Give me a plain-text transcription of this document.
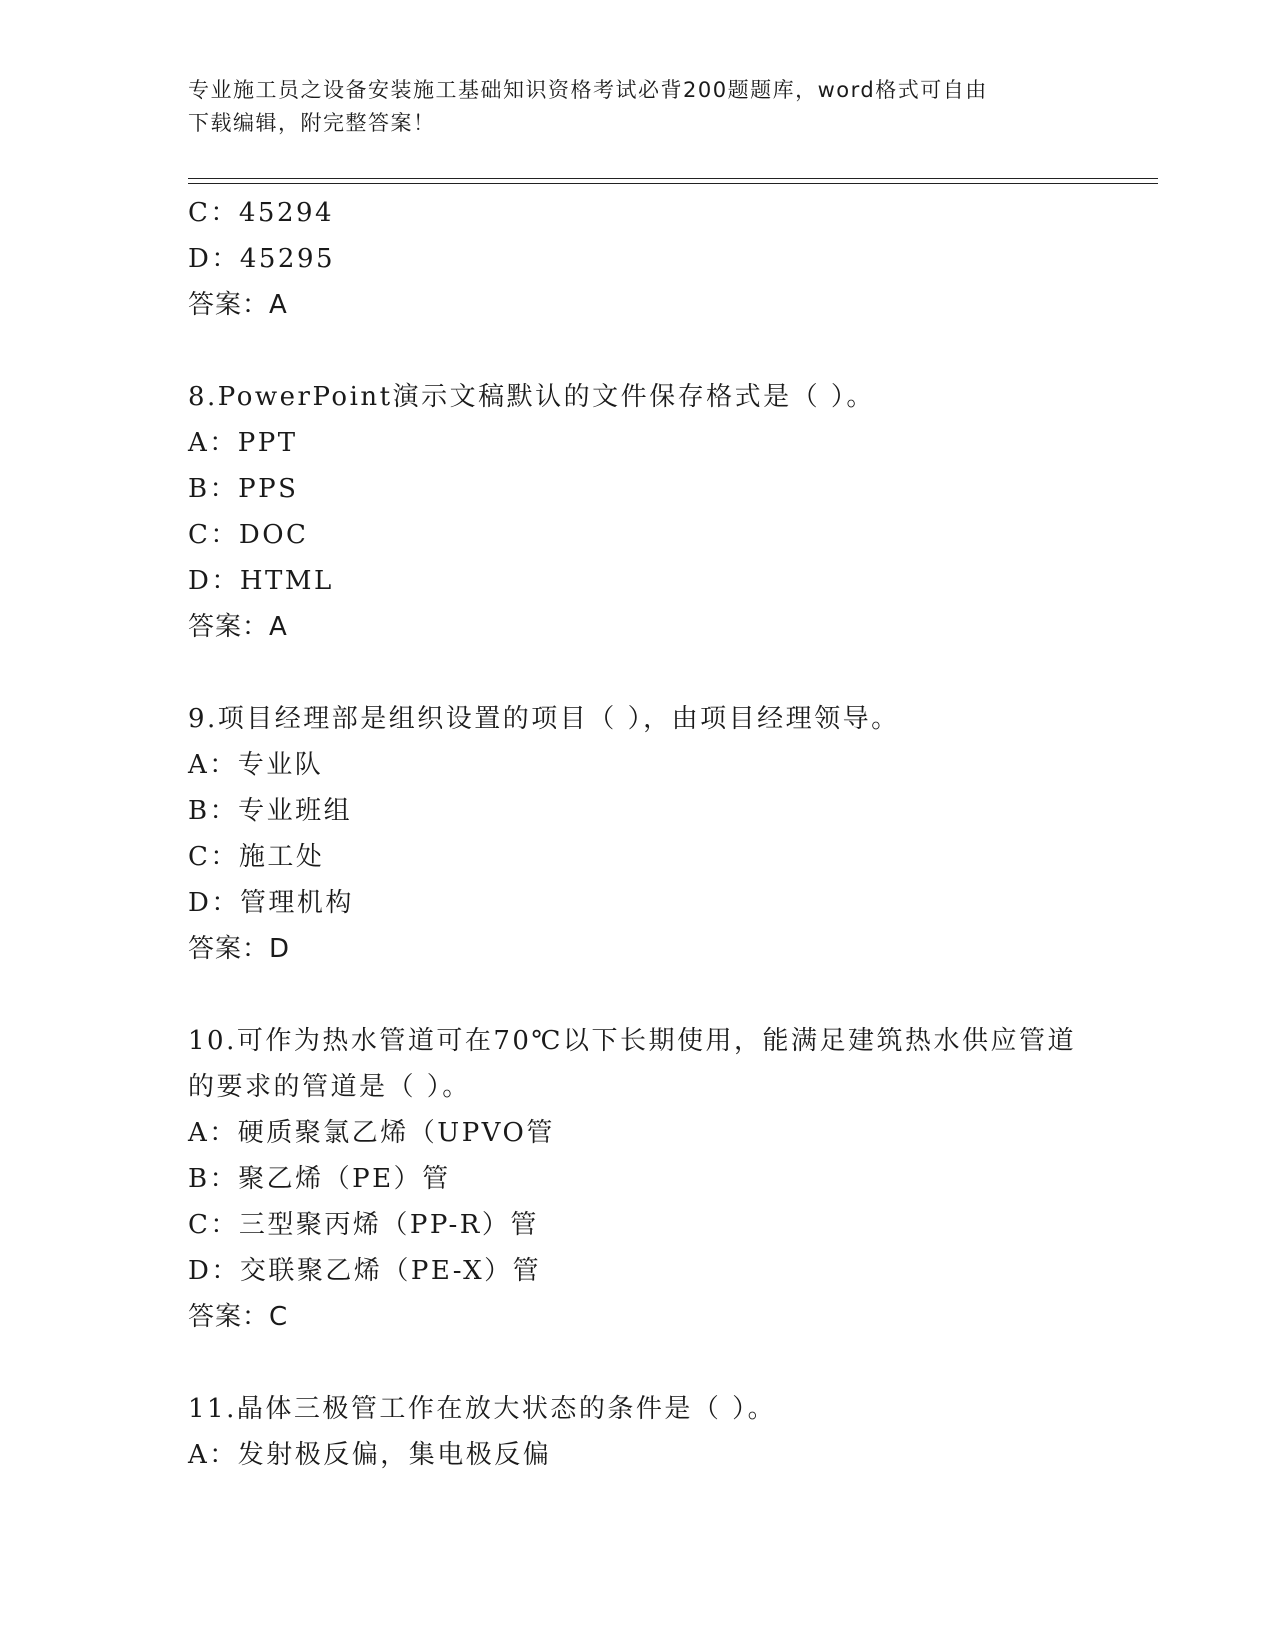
专业施工员之设备安装施工基础知识资格考试必背200题题库，word格式可自由
下载编辑，附完整答案！
C：45294
D：45295
答案：A
8.PowerPoint演示文稿默认的文件保存格式是（ ）。
A：PPT
B：PPS
C：DOC
D：HTML
答案：A
9.项目经理部是组织设置的项目（ ），由项目经理领导。
A：专业队
B：专业班组
C：施工处
D：管理机构
答案：D
10.可作为热水管道可在70℃以下长期使用，能满足建筑热水供应管道
的要求的管道是（ ）。
A：硬质聚氯乙烯（UPVO管
B：聚乙烯（PE）管
C：三型聚丙烯（PP-R）管
D：交联聚乙烯（PE-X）管
答案：C
11.晶体三极管工作在放大状态的条件是（ ）。
A：发射极反偏，集电极反偏
